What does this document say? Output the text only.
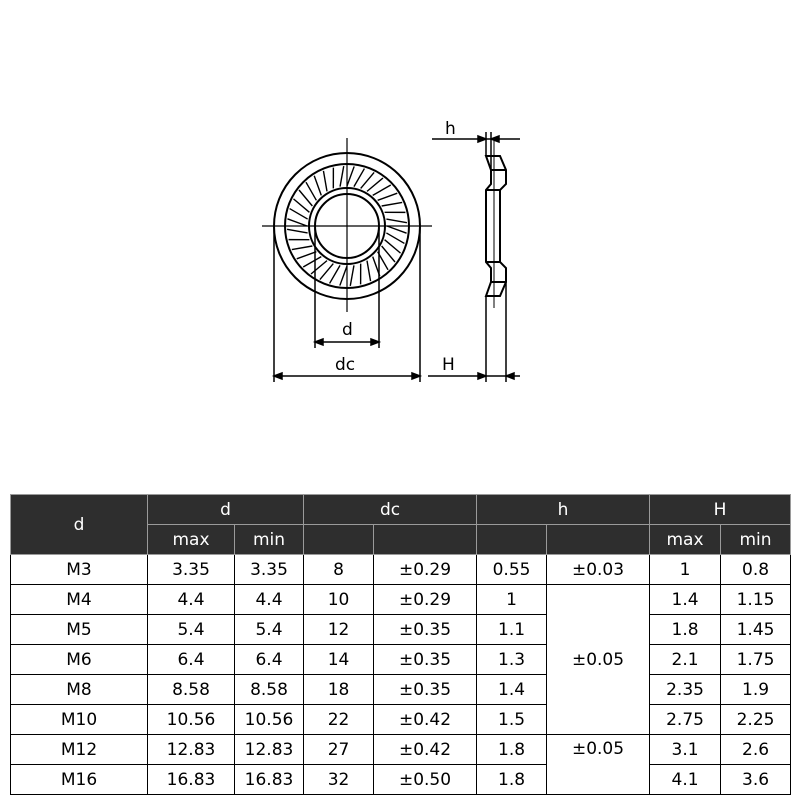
h
d
dc	H
d	d		dc		h		H	
	max	min					max	min
M3	3.35	3.35	8	±0.29	0.55	±0.03	1	0.8
M4	4.4	4.4	10	±0.29	1	±0.05	1.4	1.15
M5	5.4	5.4	12	±0.35	1.1		1.8	1.45
M6	6.4	6.4	14	±0.35	1.3		2.1	1.75
M8	8.58	8.58	18	±0.35	1.4		2.35	1.9
M10	10.56	10.56	22	±0.42	1.5		2.75	2.25
M12	12.83	12.83	27	±0.42	1.8	±0.05	3.1	2.6
M16	16.83	16.83	32	±0.50	1.8		4.1	3.6
